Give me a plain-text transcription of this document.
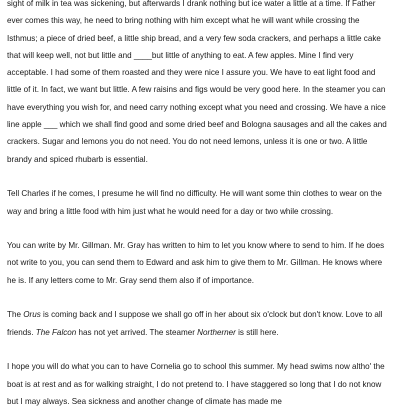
sight of milk in tea was sickening, but afterwards I drank nothing but ice water a little at a time. If Father ever comes this way, he need to bring nothing with him except what he will want while crossing the Isthmus; a piece of dried beef, a little ship bread, and a very few soda crackers, and perhaps a little cake that will keep well, not but little and ____but little of anything to eat. A few apples. Mine I find very acceptable. I had some of them roasted and they were nice I assure you. We have to eat light food and little of it. In fact, we want but little. A few raisins and figs would be very good here. In the steamer you can have everything you wish for, and need carry nothing except what you need and crossing. We have a nice line apple ___ which we shall find good and some dried beef and Bologna sausages and all the cakes and crackers. Sugar and lemons you do not need. You do not need lemons, unless it is one or two. A little brandy and spiced rhubarb is essential.

Tell Charles if he comes, I presume he will find no difficulty. He will want some thin clothes to wear on the way and bring a little food with him just what he would need for a day or two while crossing.

You can write by Mr. Gillman. Mr. Gray has written to him to let you know where to send to him. If he does not write to you, you can send them to Edward and ask him to give them to Mr. Gillman. He knows where he is. If any letters come to Mr. Gray send them also if of importance.

The Orus is coming back and I suppose we shall go off in her about six o'clock but don't know. Love to all friends. The Falcon has not yet arrived. The steamer Northerner is still here.

I hope you will do what you can to have Cornelia go to school this summer. My head swims now altho' the boat is at rest and as for walking straight, I do not pretend to. I have staggered so long that I do not know but I may always. Sea sickness and another change of climate has made me
